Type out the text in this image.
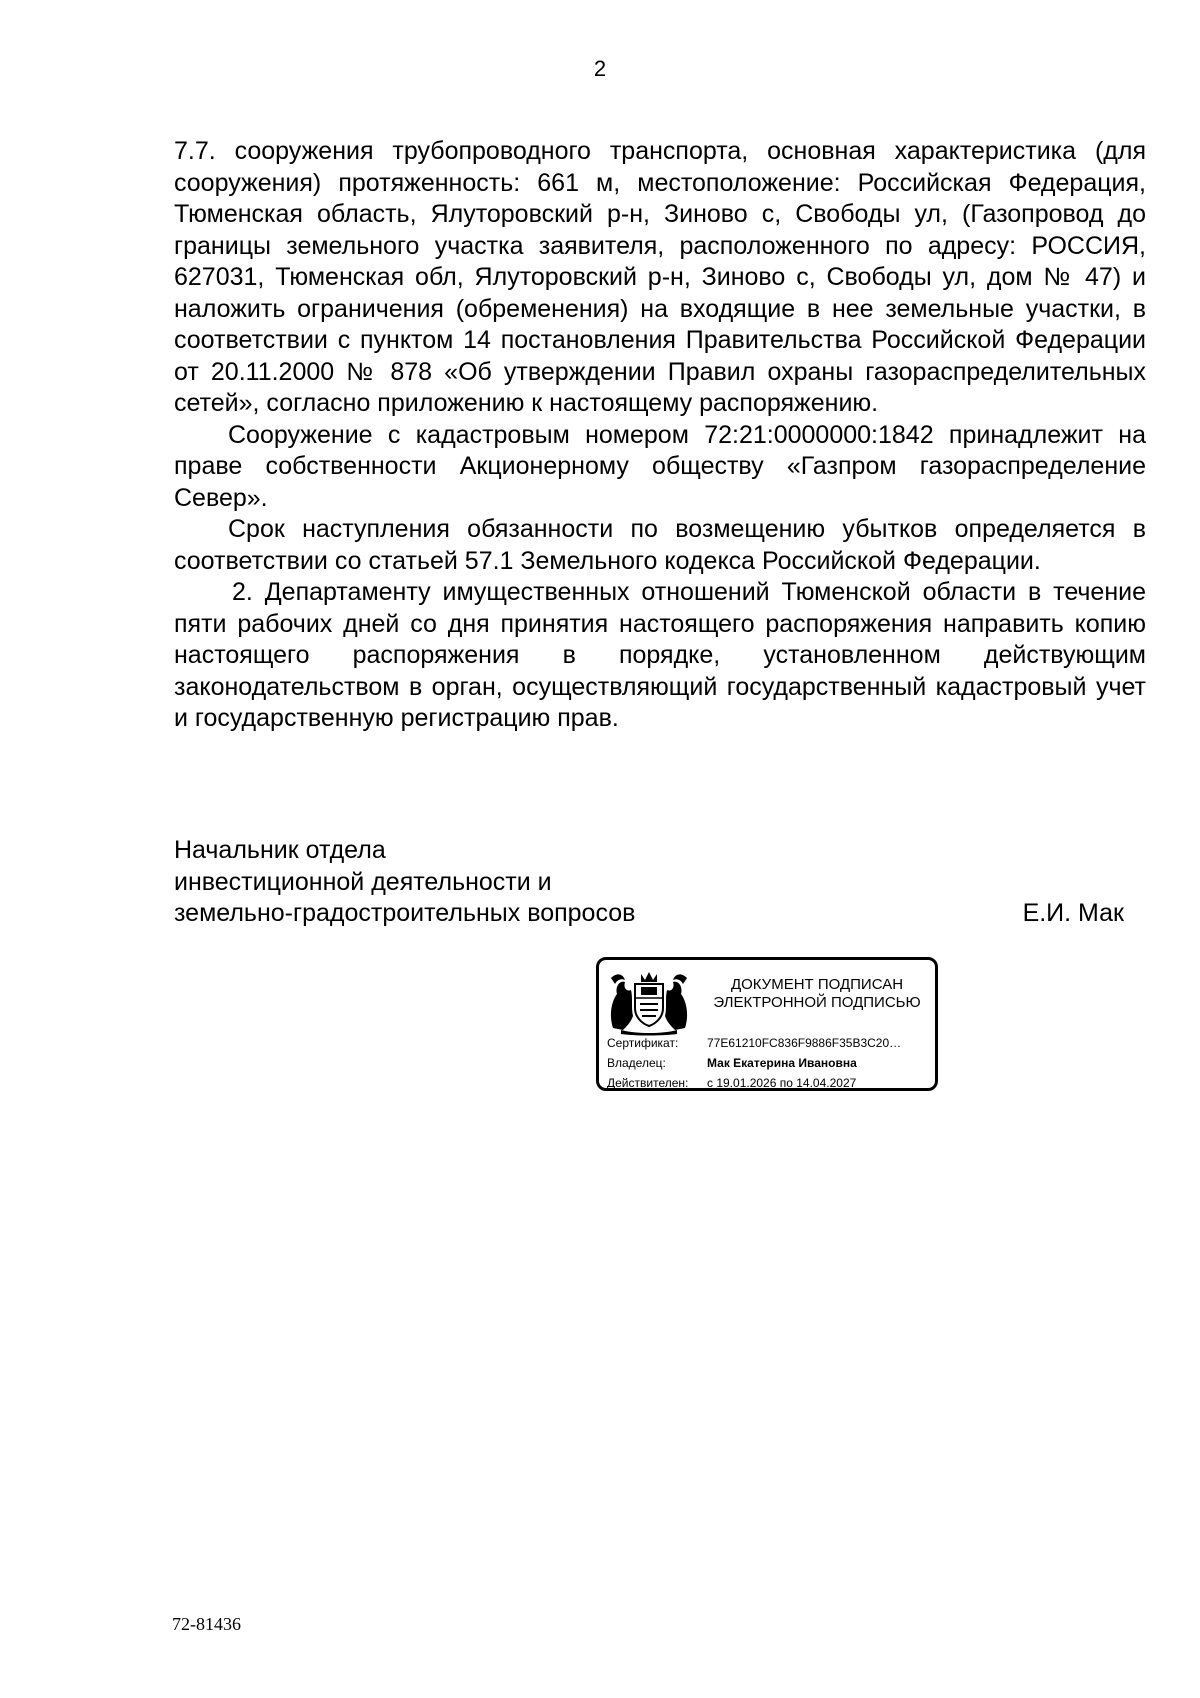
2

7.7. сооружения трубопроводного транспорта, основная характеристика (для сооружения) протяженность: 661 м, местоположение: Российская Федерация, Тюменская область, Ялуторовский р-н, Зиново с, Свободы ул, (Газопровод до границы земельного участка заявителя, расположенного по адресу: РОССИЯ, 627031, Тюменская обл, Ялуторовский р-н, Зиново с, Свободы ул, дом № 47) и наложить ограничения (обременения) на входящие в нее земельные участки, в соответствии с пунктом 14 постановления Правительства Российской Федерации от 20.11.2000 № 878 «Об утверждении Правил охраны газораспределительных сетей», согласно приложению к настоящему распоряжению.

Сооружение с кадастровым номером 72:21:0000000:1842 принадлежит на праве собственности Акционерному обществу «Газпром газораспределение Север».

Срок наступления обязанности по возмещению убытков определяется в соответствии со статьей 57.1 Земельного кодекса Российской Федерации.

2. Департаменту имущественных отношений Тюменской области в течение пяти рабочих дней со дня принятия настоящего распоряжения направить копию настоящего распоряжения в порядке, установленном действующим законодательством в орган, осуществляющий государственный кадастровый учет и государственную регистрацию прав.

Начальник отдела
инвестиционной деятельности и
земельно-градостроительных вопросов	Е.И. Мак
ДОКУМЕНТ ПОДПИСАН
ЭЛЕКТРОННОЙ ПОДПИСЬЮ
Сертификат:	77E61210FC836F9886F35B3C20…
Владелец:	Мак Екатерина Ивановна
Действителен:	с 19.01.2026 по 14.04.2027
72-81436
